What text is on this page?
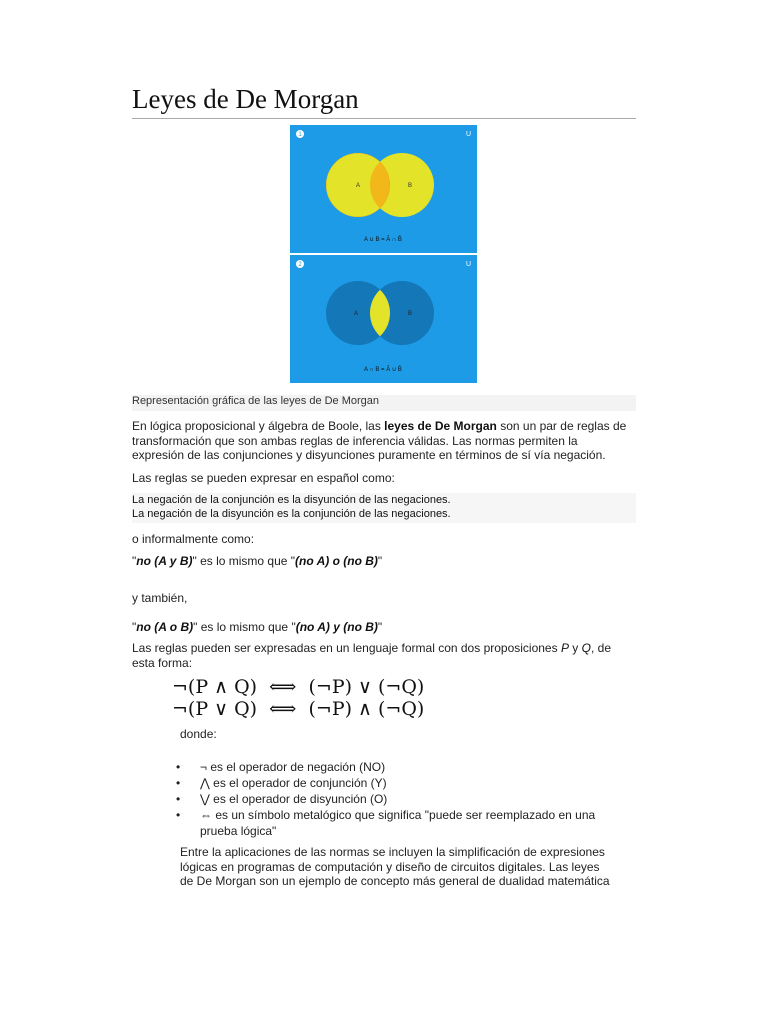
Leyes de De Morgan
1	U
A	B
A ∪ B = Ā ∩ B̄
2	U
A	B
A ∩ B = Ā ∪ B̄
Representación gráfica de las leyes de De Morgan
En lógica proposicional y álgebra de Boole, las leyes de De Morgan son un par de reglas de transformación que son ambas reglas de inferencia válidas. Las normas permiten la expresión de las conjunciones y disyunciones puramente en términos de sí vía negación.
Las reglas se pueden expresar en español como:
La negación de la conjunción es la disyunción de las negaciones.
La negación de la disyunción es la conjunción de las negaciones.
o informalmente como:
"no (A y B)" es lo mismo que "(no A) o (no B)"
y también,
"no (A o B)" es lo mismo que "(no A) y (no B)"
Las reglas pueden ser expresadas en un lenguaje formal con dos proposiciones P y Q, de esta forma:
¬(P ∧ Q)  ⟺  (¬P) ∨ (¬Q)
¬(P ∨ Q)  ⟺  (¬P) ∧ (¬Q)
donde:
• ¬ es el operador de negación (NO)
• ⋀ es el operador de conjunción (Y)
• ⋁ es el operador de disyunción (O)
• ⇔ es un símbolo metalógico que significa "puede ser reemplazado en una prueba lógica"
Entre la aplicaciones de las normas se incluyen la simplificación de expresiones lógicas en programas de computación y diseño de circuitos digitales. Las leyes de De Morgan son un ejemplo de concepto más general de dualidad matemática
